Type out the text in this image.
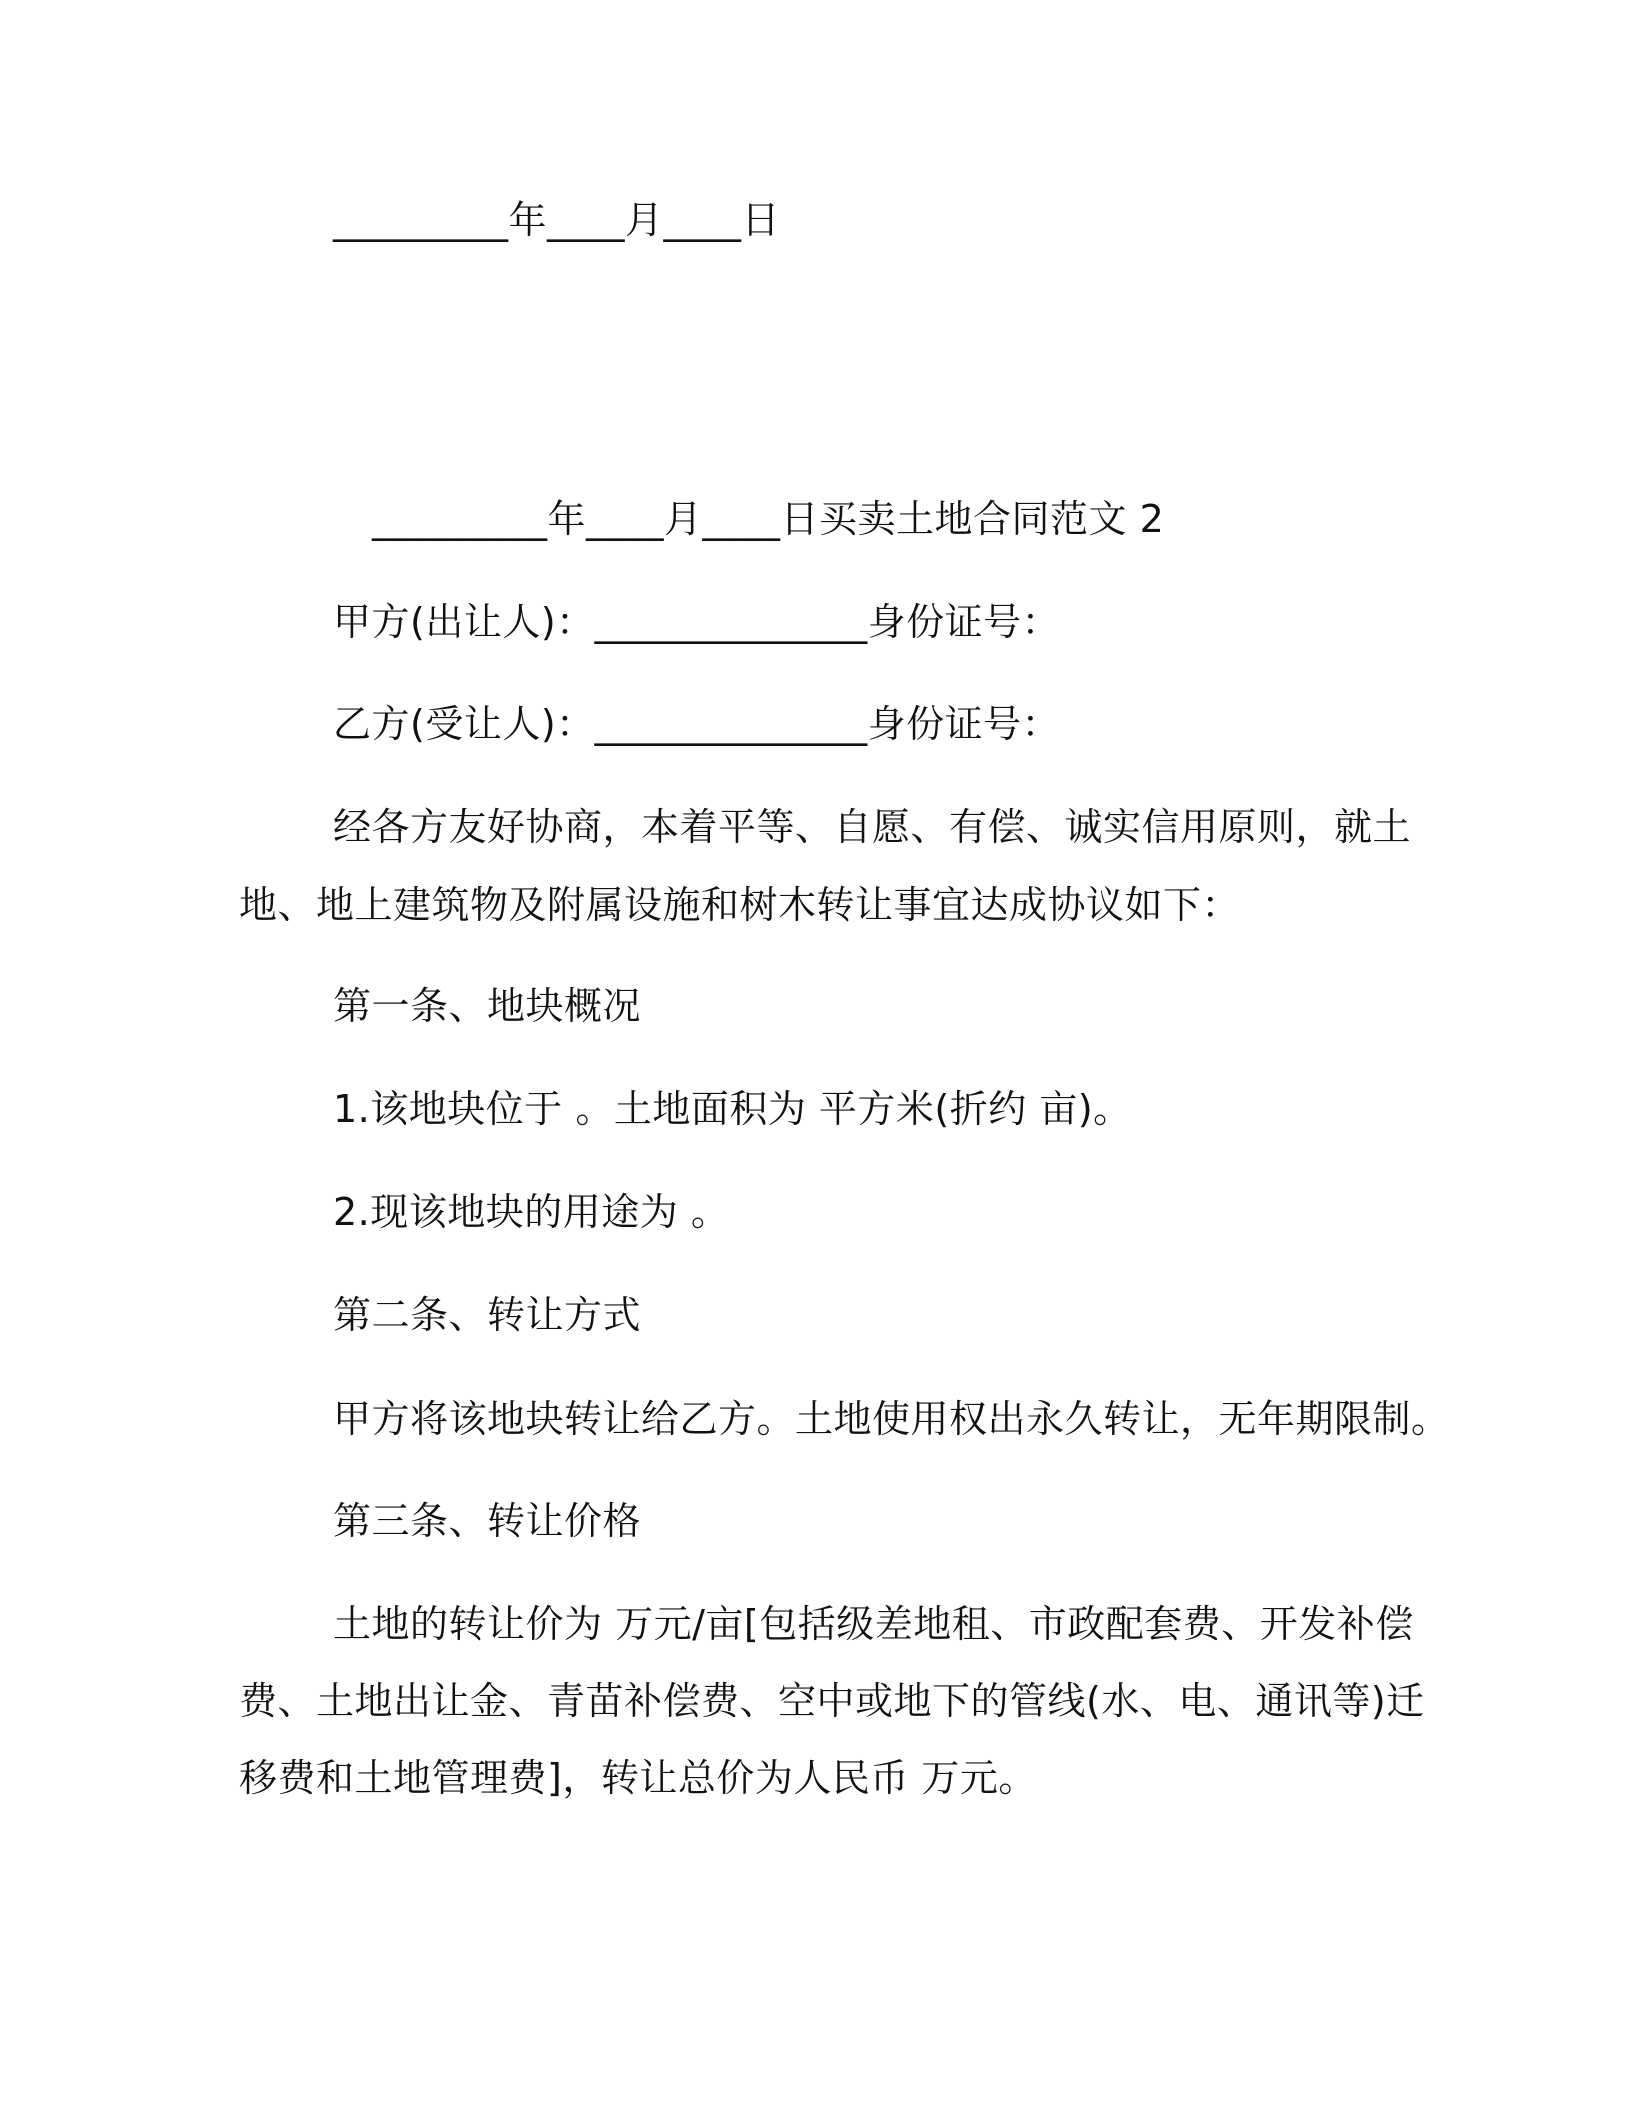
_________年____月____日
_________年____月____日买卖土地合同范文 2
甲方(出让人)：______________身份证号：
乙方(受让人)：______________身份证号：
经各方友好协商，本着平等、自愿、有偿、诚实信用原则，就土
地、地上建筑物及附属设施和树木转让事宜达成协议如下：
第一条、地块概况
1.该地块位于 。土地面积为 平方米(折约 亩)。
2.现该地块的用途为 。
第二条、转让方式
甲方将该地块转让给乙方。土地使用权出永久转让，无年期限制。
第三条、转让价格
土地的转让价为 万元/亩[包括级差地租、市政配套费、开发补偿
费、土地出让金、青苗补偿费、空中或地下的管线(水、电、通讯等)迁
移费和土地管理费]，转让总价为人民币 万元。
